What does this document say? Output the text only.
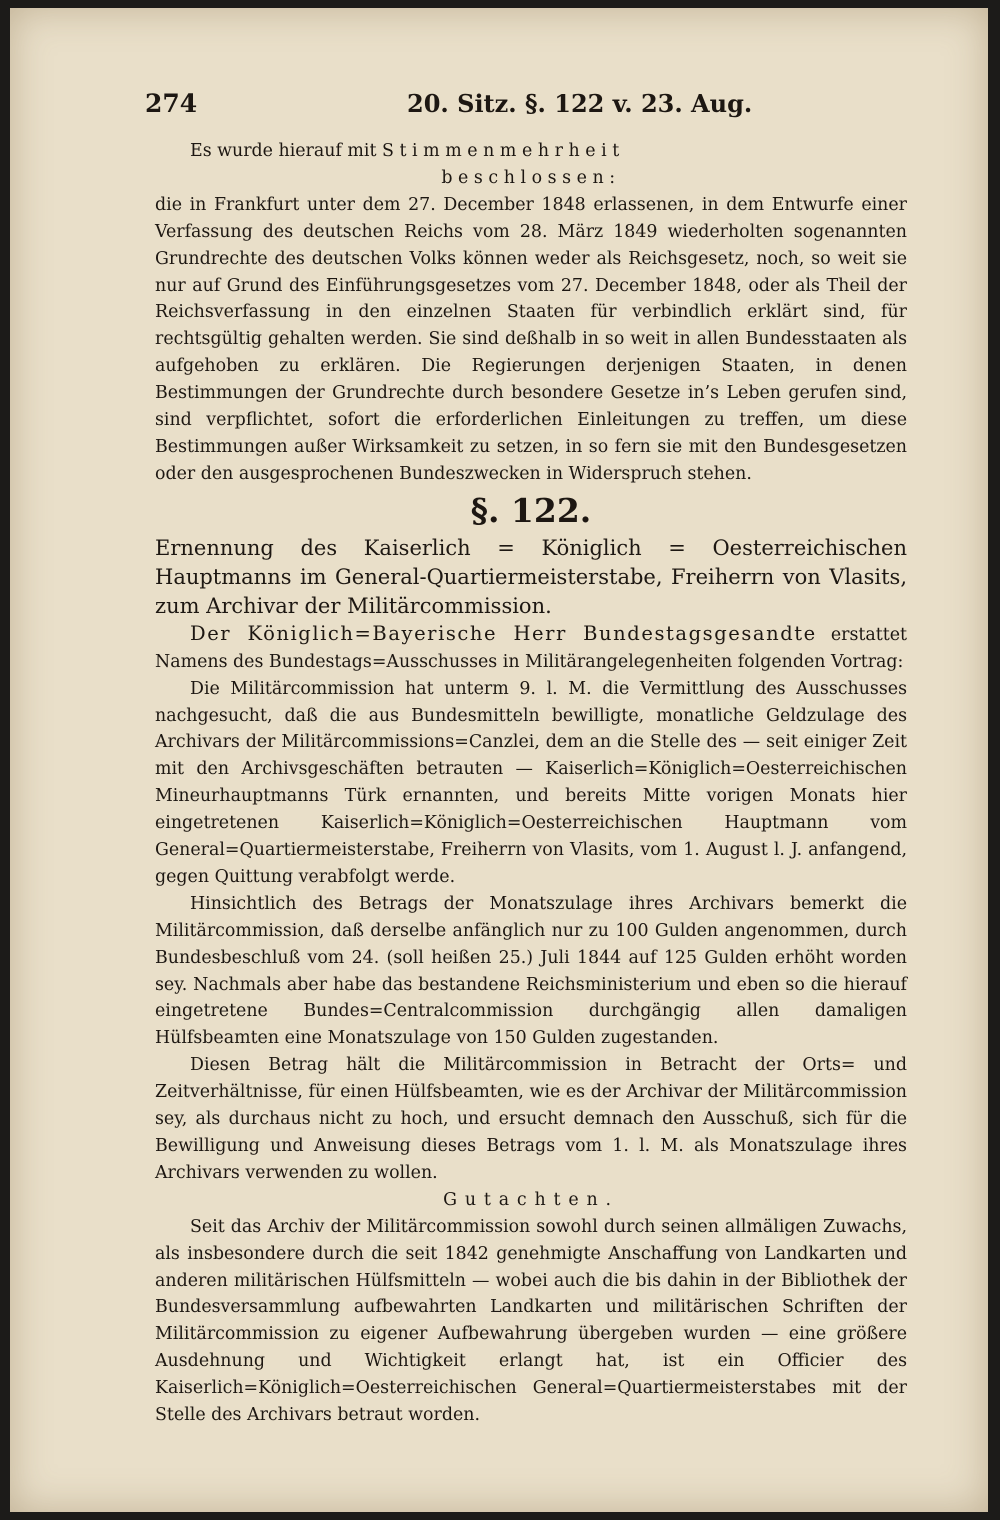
274	20. Sitz. §. 122 v. 23. Aug.

Es wurde hierauf mit Stimmenmehrheit

beschlossen:

die in Frankfurt unter dem 27. December 1848 erlassenen, in dem Entwurfe einer Verfassung des deutschen Reichs vom 28. März 1849 wiederholten sogenannten Grundrechte des deutschen Volks können weder als Reichsgesetz, noch, so weit sie nur auf Grund des Einführungsgesetzes vom 27. December 1848, oder als Theil der Reichsverfassung in den einzelnen Staaten für verbindlich erklärt sind, für rechtsgültig gehalten werden. Sie sind deßhalb in so weit in allen Bundesstaaten als aufgehoben zu erklären. Die Regierungen derjenigen Staaten, in denen Bestimmungen der Grundrechte durch besondere Gesetze in’s Leben gerufen sind, sind verpflichtet, sofort die erforderlichen Einleitungen zu treffen, um diese Bestimmungen außer Wirksamkeit zu setzen, in so fern sie mit den Bundesgesetzen oder den ausgesprochenen Bundeszwecken in Widerspruch stehen.

§. 122.

Ernennung des Kaiserlich = Königlich = Oesterreichischen Hauptmanns im General-Quartiermeisterstabe, Freiherrn von Vlasits, zum Archivar der Militärcommission.

Der Königlich=Bayerische Herr Bundestagsgesandte erstattet Namens des Bundestags=Ausschusses in Militärangelegenheiten folgenden Vortrag:

Die Militärcommission hat unterm 9. l. M. die Vermittlung des Ausschusses nachgesucht, daß die aus Bundesmitteln bewilligte, monatliche Geldzulage des Archivars der Militärcommissions=Canzlei, dem an die Stelle des — seit einiger Zeit mit den Archivsgeschäften betrauten — Kaiserlich=Königlich=Oesterreichischen Mineurhauptmanns Türk ernannten, und bereits Mitte vorigen Monats hier eingetretenen Kaiserlich=Königlich=Oesterreichischen Hauptmann vom General=Quartiermeisterstabe, Freiherrn von Vlasits, vom 1. August l. J. anfangend, gegen Quittung verabfolgt werde.

Hinsichtlich des Betrags der Monatszulage ihres Archivars bemerkt die Militärcommission, daß derselbe anfänglich nur zu 100 Gulden angenommen, durch Bundesbeschluß vom 24. (soll heißen 25.) Juli 1844 auf 125 Gulden erhöht worden sey. Nachmals aber habe das bestandene Reichsministerium und eben so die hierauf eingetretene Bundes=Centralcommission durchgängig allen damaligen Hülfsbeamten eine Monatszulage von 150 Gulden zugestanden.

Diesen Betrag hält die Militärcommission in Betracht der Orts= und Zeitverhältnisse, für einen Hülfsbeamten, wie es der Archivar der Militärcommission sey, als durchaus nicht zu hoch, und ersucht demnach den Ausschuß, sich für die Bewilligung und Anweisung dieses Betrags vom 1. l. M. als Monatszulage ihres Archivars verwenden zu wollen.

Gutachten.

Seit das Archiv der Militärcommission sowohl durch seinen allmäligen Zuwachs, als insbesondere durch die seit 1842 genehmigte Anschaffung von Landkarten und anderen militärischen Hülfsmitteln — wobei auch die bis dahin in der Bibliothek der Bundesversammlung aufbewahrten Landkarten und militärischen Schriften der Militärcommission zu eigener Aufbewahrung übergeben wurden — eine größere Ausdehnung und Wichtigkeit erlangt hat, ist ein Officier des Kaiserlich=Königlich=Oesterreichischen General=Quartiermeisterstabes mit der Stelle des Archivars betraut worden.
